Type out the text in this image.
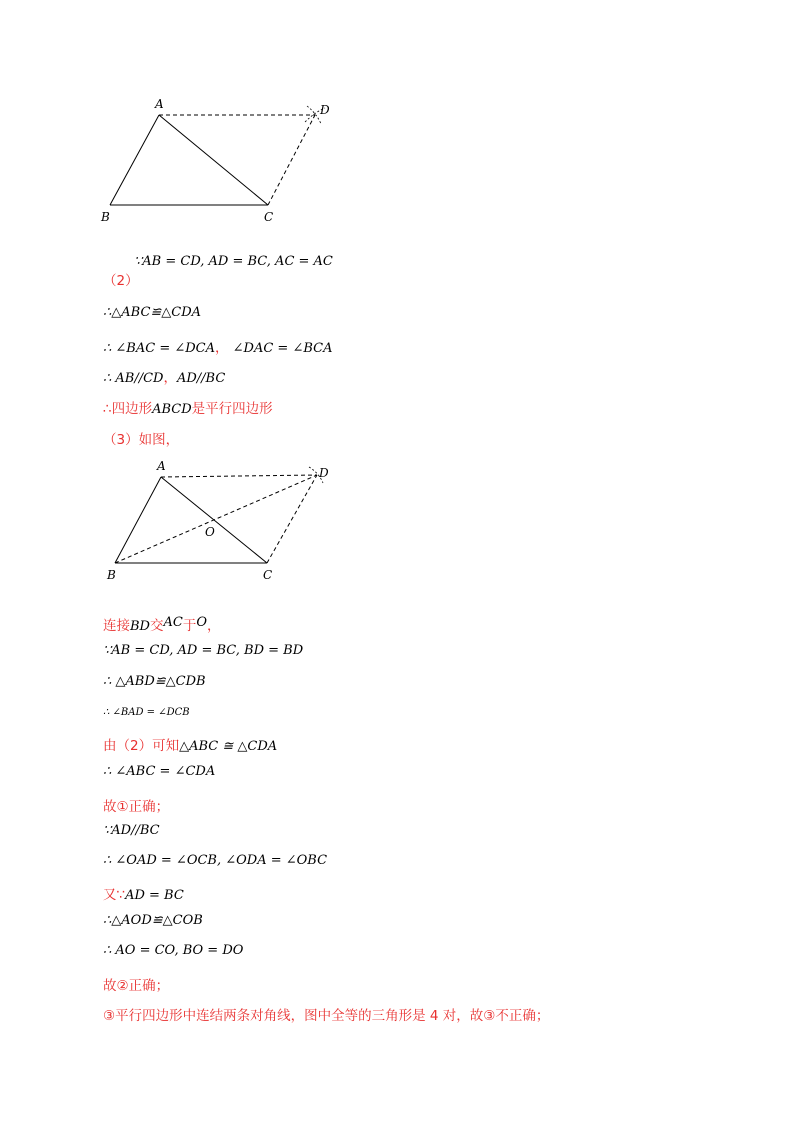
A
B	C
D
∵AB = CD, AD = BC, AC = AC
（2）
∴△ABC≌△CDA
∴ ∠BAC = ∠DCA， ∠DAC = ∠BCA
∴ AB//CD，AD//BC
∴四边形ABCD是平行四边形
（3）如图，
A
B	C
D
O
连接BD交AC于O，
∵AB = CD, AD = BC, BD = BD
∴ △ABD≌△CDB
∴ ∠BAD = ∠DCB
由（2）可知△ABC ≅ △CDA
∴ ∠ABC = ∠CDA
故①正确；
∵AD//BC
∴ ∠OAD = ∠OCB, ∠ODA = ∠OBC
又∵AD = BC
∴△AOD≌△COB
∴ AO = CO, BO = DO
故②正确；
③平行四边形中连结两条对角线，图中全等的三角形是 4 对，故③不正确；
